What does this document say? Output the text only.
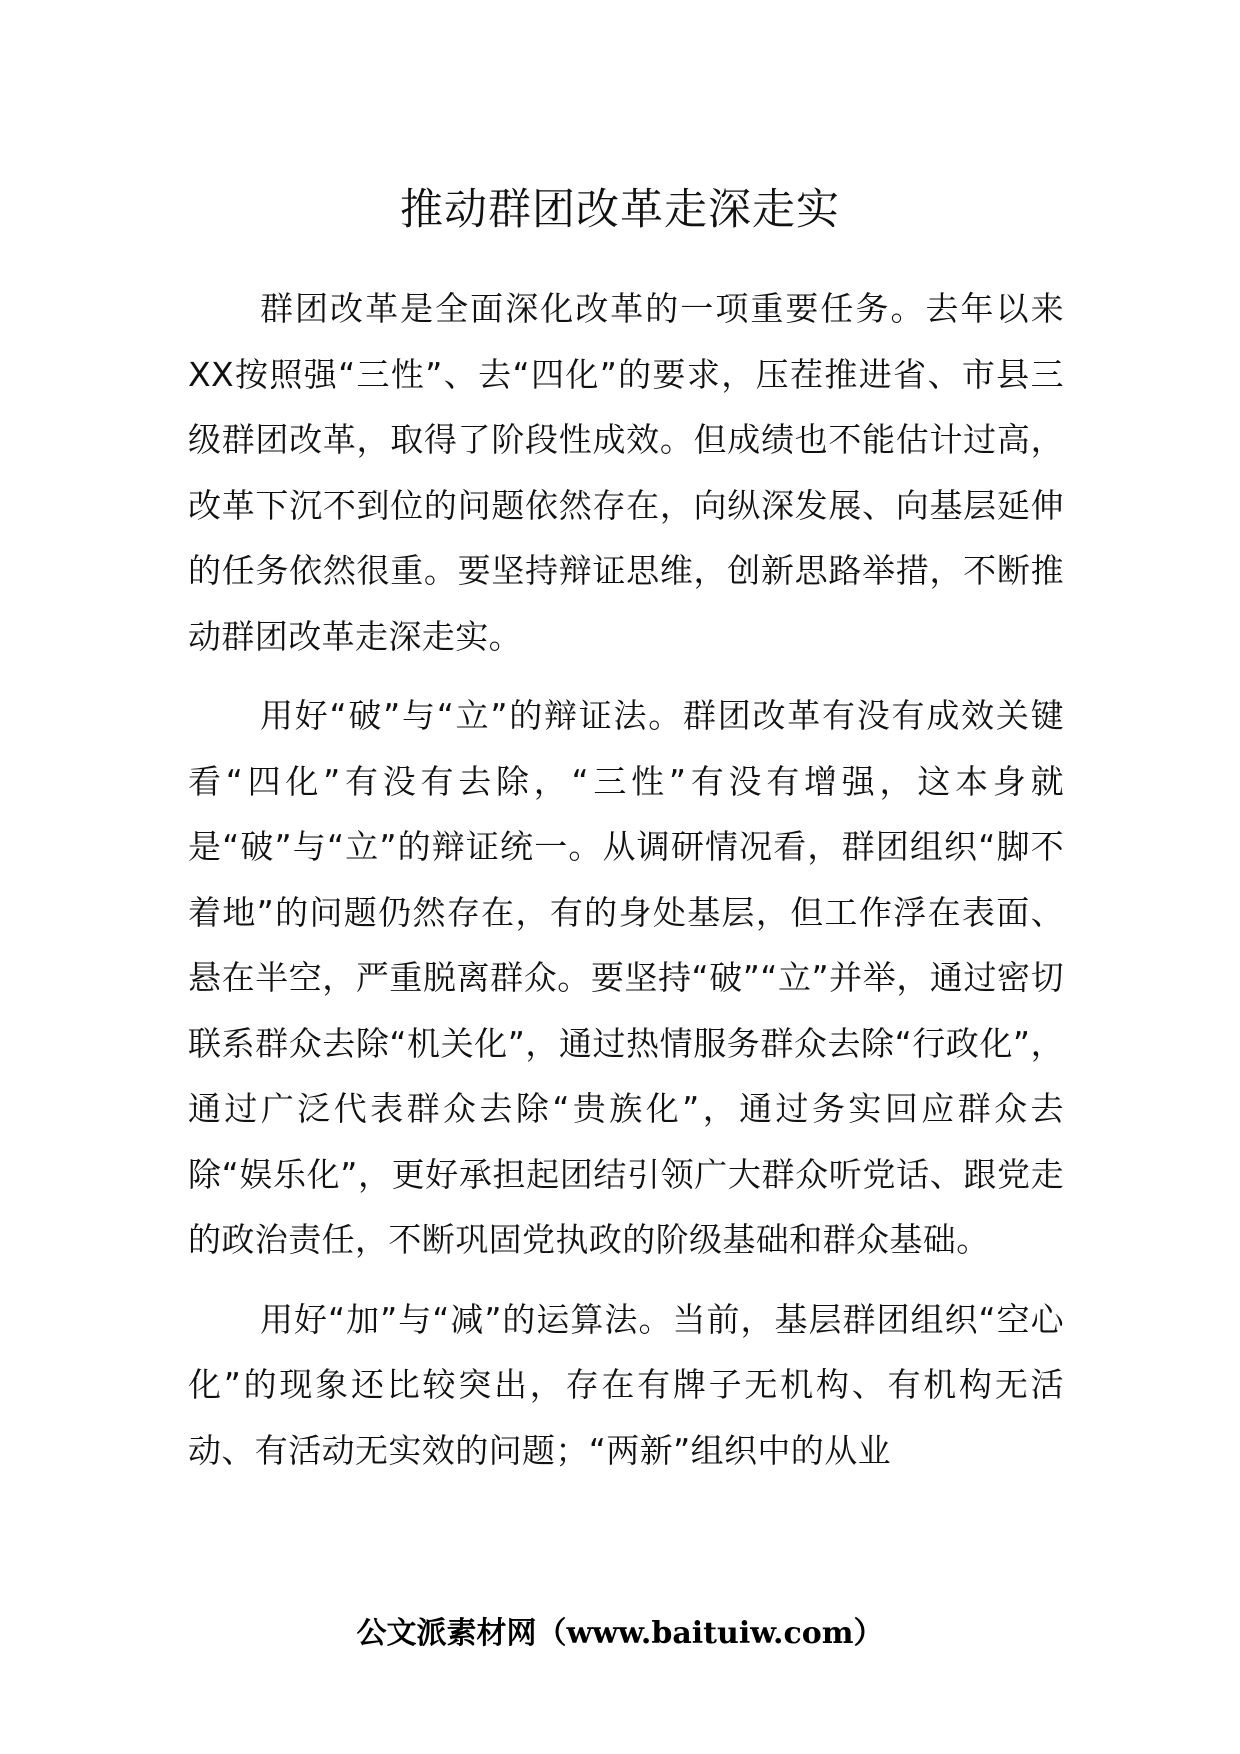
推动群团改革走深走实

群团改革是全面深化改革的一项重要任务。去年以来XX按照强“三性”、去“四化”的要求，压茬推进省、市县三级群团改革，取得了阶段性成效。但成绩也不能估计过高，改革下沉不到位的问题依然存在，向纵深发展、向基层延伸的任务依然很重。要坚持辩证思维，创新思路举措，不断推动群团改革走深走实。

用好“破”与“立”的辩证法。群团改革有没有成效关键看“四化”有没有去除，“三性”有没有增强，这本身就是“破”与“立”的辩证统一。从调研情况看，群团组织“脚不着地”的问题仍然存在，有的身处基层，但工作浮在表面、悬在半空，严重脱离群众。要坚持“破”“立”并举，通过密切联系群众去除“机关化”，通过热情服务群众去除“行政化”，通过广泛代表群众去除“贵族化”，通过务实回应群众去除“娱乐化”，更好承担起团结引领广大群众听党话、跟党走的政治责任，不断巩固党执政的阶级基础和群众基础。

用好“加”与“减”的运算法。当前，基层群团组织“空心化”的现象还比较突出，存在有牌子无机构、有机构无活动、有活动无实效的问题；“两新”组织中的从业

公文派素材网（www.baituiw.com）
